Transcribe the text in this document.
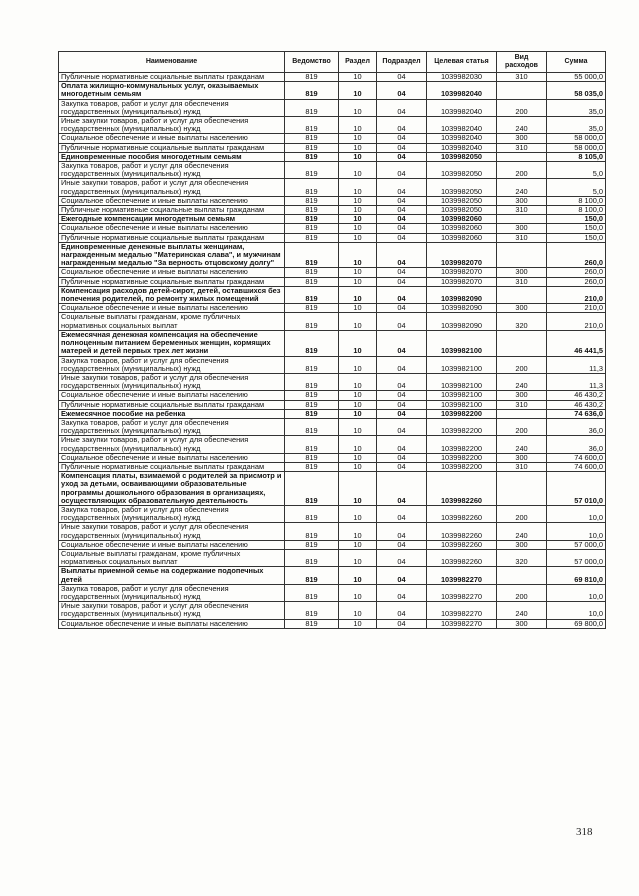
Наименование	Ведомство	Раздел	Подраздел	Целевая статья	Вид расходов	Сумма
Публичные нормативные социальные выплаты гражданам	819	10	04	1039982030	310	55 000,0
Оплата жилищно-коммунальных услуг, оказываемых многодетным семьям	819	10	04	1039982040		58 035,0
Закупка товаров, работ и услуг для обеспечения государственных (муниципальных) нужд	819	10	04	1039982040	200	35,0
Иные закупки товаров, работ и услуг для обеспечения государственных (муниципальных) нужд	819	10	04	1039982040	240	35,0
Социальное обеспечение и иные выплаты населению	819	10	04	1039982040	300	58 000,0
Публичные нормативные социальные выплаты гражданам	819	10	04	1039982040	310	58 000,0
Единовременные пособия многодетным семьям	819	10	04	1039982050		8 105,0
Закупка товаров, работ и услуг для обеспечения государственных (муниципальных) нужд	819	10	04	1039982050	200	5,0
Иные закупки товаров, работ и услуг для обеспечения государственных (муниципальных) нужд	819	10	04	1039982050	240	5,0
Социальное обеспечение и иные выплаты населению	819	10	04	1039982050	300	8 100,0
Публичные нормативные социальные выплаты гражданам	819	10	04	1039982050	310	8 100,0
Ежегодные компенсации многодетным семьям	819	10	04	1039982060		150,0
Социальное обеспечение и иные выплаты населению	819	10	04	1039982060	300	150,0
Публичные нормативные социальные выплаты гражданам	819	10	04	1039982060	310	150,0
Единовременные денежные выплаты женщинам, награжденным медалью "Материнская слава", и мужчинам награжденным медалью "За верность отцовскому долгу"	819	10	04	1039982070		260,0
Социальное обеспечение и иные выплаты населению	819	10	04	1039982070	300	260,0
Публичные нормативные социальные выплаты гражданам	819	10	04	1039982070	310	260,0
Компенсация расходов детей-сирот, детей, оставшихся без попечения родителей, по ремонту жилых помещений	819	10	04	1039982090		210,0
Социальное обеспечение и иные выплаты населению	819	10	04	1039982090	300	210,0
Социальные выплаты гражданам, кроме публичных нормативных социальных выплат	819	10	04	1039982090	320	210,0
Ежемесячная денежная компенсация на обеспечение полноценным питанием беременных женщин, кормящих матерей и детей первых трех лет жизни	819	10	04	1039982100		46 441,5
Закупка товаров, работ и услуг для обеспечения государственных (муниципальных) нужд	819	10	04	1039982100	200	11,3
Иные закупки товаров, работ и услуг для обеспечения государственных (муниципальных) нужд	819	10	04	1039982100	240	11,3
Социальное обеспечение и иные выплаты населению	819	10	04	1039982100	300	46 430,2
Публичные нормативные социальные выплаты гражданам	819	10	04	1039982100	310	46 430,2
Ежемесячное пособие на ребенка	819	10	04	1039982200		74 636,0
Закупка товаров, работ и услуг для обеспечения государственных (муниципальных) нужд	819	10	04	1039982200	200	36,0
Иные закупки товаров, работ и услуг для обеспечения государственных (муниципальных) нужд	819	10	04	1039982200	240	36,0
Социальное обеспечение и иные выплаты населению	819	10	04	1039982200	300	74 600,0
Публичные нормативные социальные выплаты гражданам	819	10	04	1039982200	310	74 600,0
Компенсация платы, взимаемой с родителей за присмотр и уход за детьми, осваивающими образовательные программы дошкольного образования в организациях, осуществляющих образовательную деятельность	819	10	04	1039982260		57 010,0
Закупка товаров, работ и услуг для обеспечения государственных (муниципальных) нужд	819	10	04	1039982260	200	10,0
Иные закупки товаров, работ и услуг для обеспечения государственных (муниципальных) нужд	819	10	04	1039982260	240	10,0
Социальное обеспечение и иные выплаты населению	819	10	04	1039982260	300	57 000,0
Социальные выплаты гражданам, кроме публичных нормативных социальных выплат	819	10	04	1039982260	320	57 000,0
Выплаты приемной семье на содержание подопечных детей	819	10	04	1039982270		69 810,0
Закупка товаров, работ и услуг для обеспечения государственных (муниципальных) нужд	819	10	04	1039982270	200	10,0
Иные закупки товаров, работ и услуг для обеспечения государственных (муниципальных) нужд	819	10	04	1039982270	240	10,0
Социальное обеспечение и иные выплаты населению	819	10	04	1039982270	300	69 800,0
318
